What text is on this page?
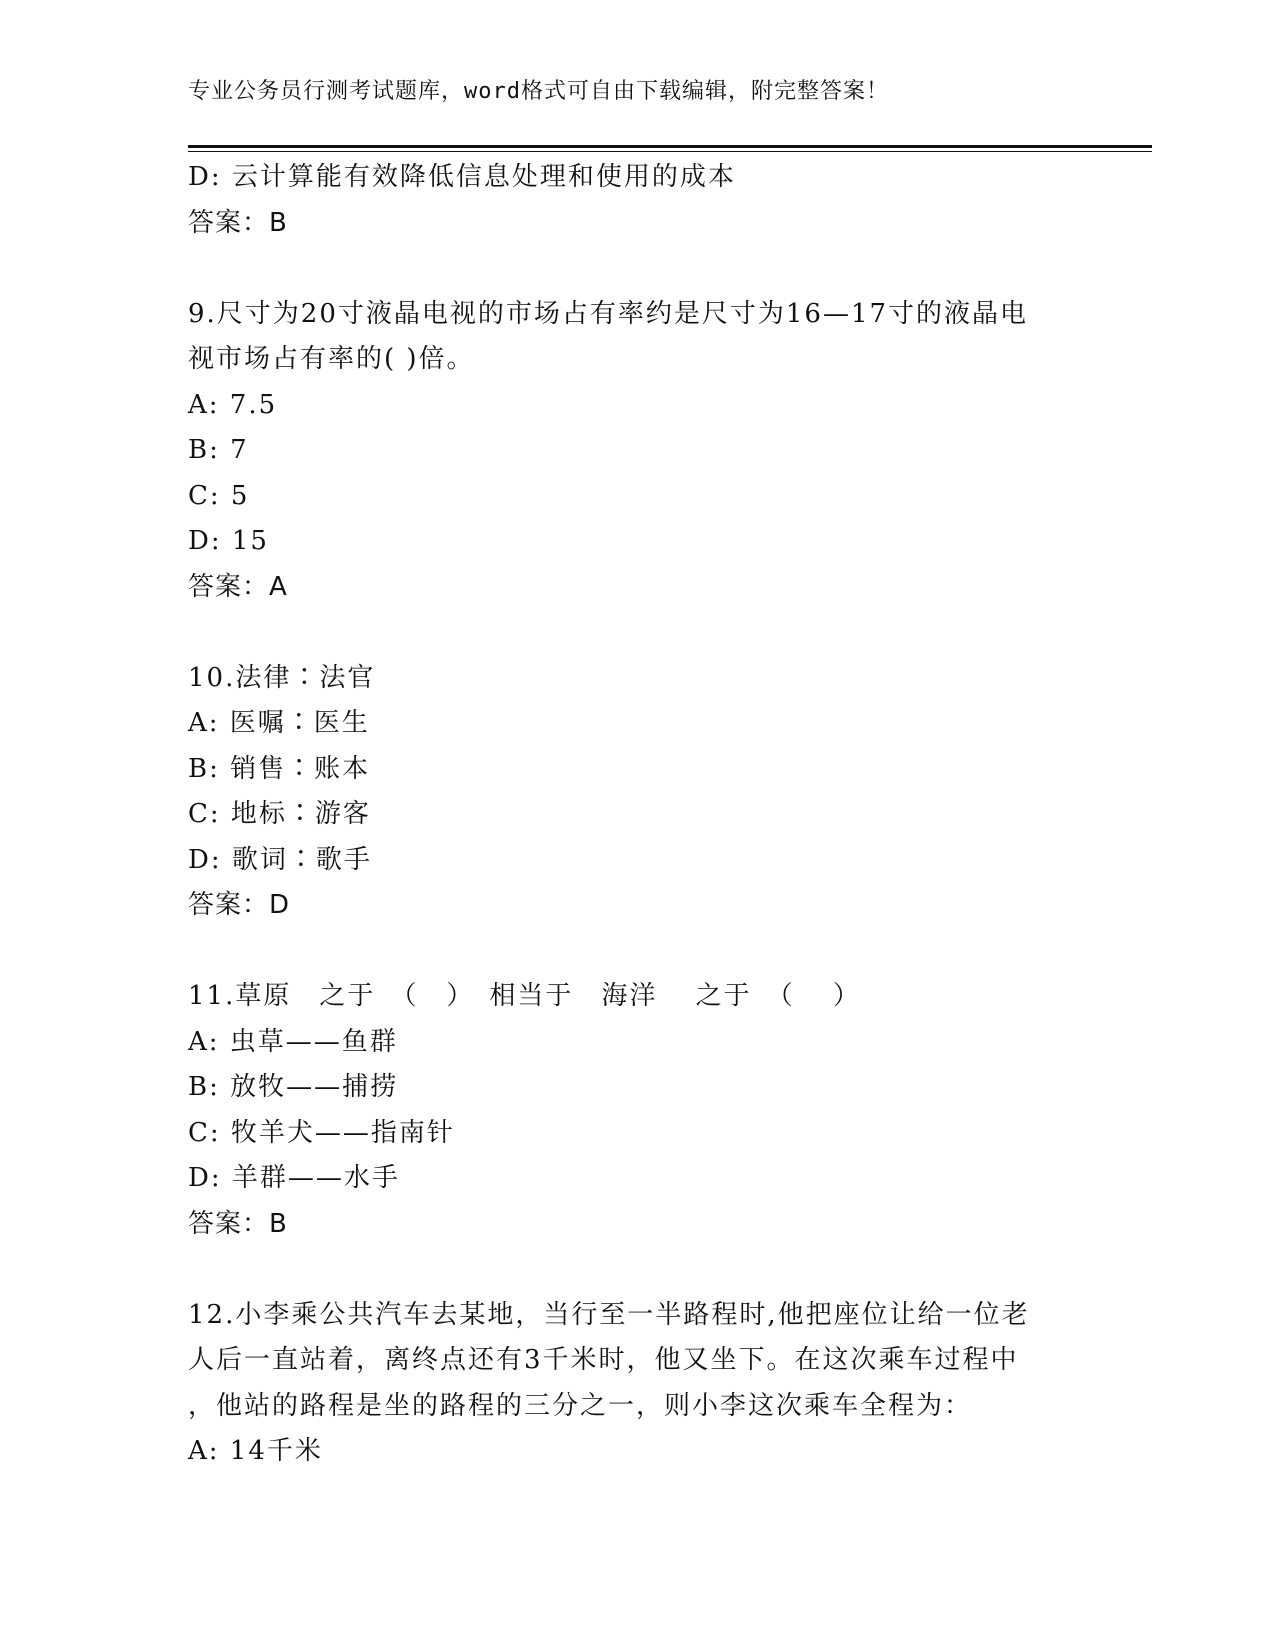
专业公务员行测考试题库，word格式可自由下载编辑，附完整答案！
D: 云计算能有效降低信息处理和使用的成本
答案：B
9.尺寸为20寸液晶电视的市场占有率约是尺寸为16—17寸的液晶电
视市场占有率的( )倍。
A: 7.5
B: 7
C: 5
D: 15
答案：A
10.法律∶法官
A: 医嘱∶医生
B: 销售∶账本
C: 地标∶游客
D: 歌词∶歌手
答案：D
11.草原　之于　（　）　相当于　海洋　 之于　（　 ）
A: 虫草——鱼群
B: 放牧——捕捞
C: 牧羊犬——指南针
D: 羊群——水手
答案：B
12.小李乘公共汽车去某地，当行至一半路程时,他把座位让给一位老
人后一直站着，离终点还有3千米时，他又坐下。在这次乘车过程中
，他站的路程是坐的路程的三分之一，则小李这次乘车全程为：
A: 14千米
